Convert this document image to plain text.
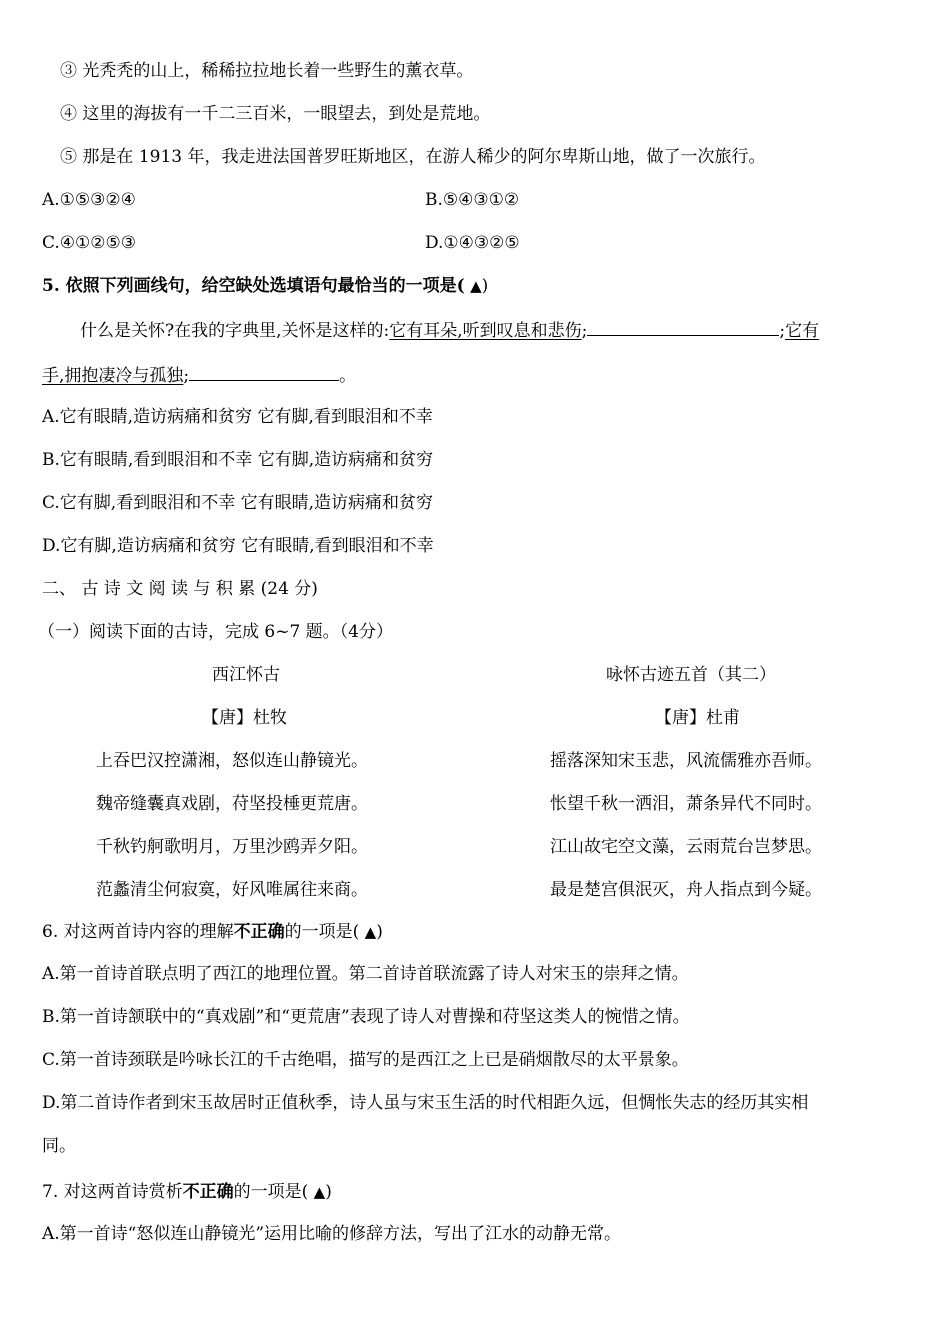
③ 光秃秃的山上，稀稀拉拉地长着一些野生的薰衣草。
④ 这里的海拔有一千二三百米，一眼望去，到处是荒地。
⑤ 那是在 1913 年，我走进法国普罗旺斯地区，在游人稀少的阿尔卑斯山地，做了一次旅行。
A.①⑤③②④	B.⑤④③①②
C.④①②⑤③	D.①④③②⑤
5. 依照下列画线句，给空缺处选填语句最恰当的一项是( ▲)
什么是关怀?在我的字典里,关怀是这样的:它有耳朵,听到叹息和悲伤;	;它有
手,拥抱凄冷与孤独;	。
A.它有眼睛,造访病痛和贫穷 它有脚,看到眼泪和不幸
B.它有眼睛,看到眼泪和不幸 它有脚,造访病痛和贫穷
C.它有脚,看到眼泪和不幸 它有眼睛,造访病痛和贫穷
D.它有脚,造访病痛和贫穷 它有眼睛,看到眼泪和不幸
二、 古 诗 文 阅 读 与 积 累 (24 分)
（一）阅读下面的古诗，完成 6~7 题。（4分）
西江怀古
【唐】杜牧
上吞巴汉控潇湘，怒似连山静镜光。
魏帝缝囊真戏剧，苻坚投棰更荒唐。
千秋钓舸歌明月，万里沙鸥弄夕阳。
范蠡清尘何寂寞，好风唯属往来商。
咏怀古迹五首（其二）
【唐】杜甫
摇落深知宋玉悲，风流儒雅亦吾师。
怅望千秋一洒泪，萧条异代不同时。
江山故宅空文藻，云雨荒台岂梦思。
最是楚宫俱泯灭，舟人指点到今疑。
6. 对这两首诗内容的理解不正确的一项是( ▲)
A.第一首诗首联点明了西江的地理位置。第二首诗首联流露了诗人对宋玉的崇拜之情。
B.第一首诗颔联中的“真戏剧”和“更荒唐”表现了诗人对曹操和苻坚这类人的惋惜之情。
C.第一首诗颈联是吟咏长江的千古绝唱，描写的是西江之上已是硝烟散尽的太平景象。
D.第二首诗作者到宋玉故居时正值秋季，诗人虽与宋玉生活的时代相距久远，但惆怅失志的经历其实相
同。
7. 对这两首诗赏析不正确的一项是( ▲)
A.第一首诗“怒似连山静镜光”运用比喻的修辞方法，写出了江水的动静无常。
